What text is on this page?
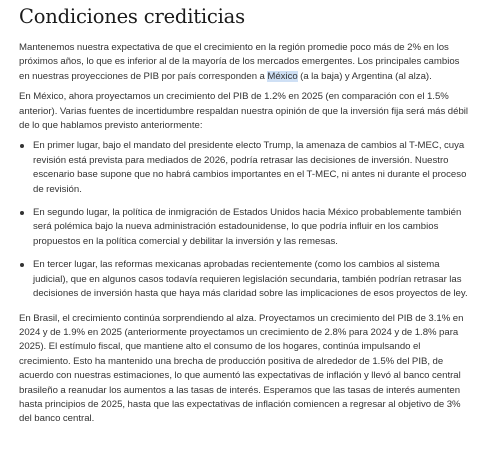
Condiciones crediticias

Mantenemos nuestra expectativa de que el crecimiento en la región promedie poco más de 2% en los próximos años, lo que es inferior al de la mayoría de los mercados emergentes. Los principales cambios en nuestras proyecciones de PIB por país corresponden a México (a la baja) y Argentina (al alza).

En México, ahora proyectamos un crecimiento del PIB de 1.2% en 2025 (en comparación con el 1.5% anterior). Varias fuentes de incertidumbre respaldan nuestra opinión de que la inversión fija será más débil de lo que hablamos previsto anteriormente:

En primer lugar, bajo el mandato del presidente electo Trump, la amenaza de cambios al T-MEC, cuya revisión está prevista para mediados de 2026, podría retrasar las decisiones de inversión. Nuestro escenario base supone que no habrá cambios importantes en el T-MEC, ni antes ni durante el proceso de revisión.
En segundo lugar, la política de inmigración de Estados Unidos hacia México probablemente también será polémica bajo la nueva administración estadounidense, lo que podría influir en los cambios propuestos en la política comercial y debilitar la inversión y las remesas.
En tercer lugar, las reformas mexicanas aprobadas recientemente (como los cambios al sistema judicial), que en algunos casos todavía requieren legislación secundaria, también podrían retrasar las decisiones de inversión hasta que haya más claridad sobre las implicaciones de esos proyectos de ley.

En Brasil, el crecimiento continúa sorprendiendo al alza. Proyectamos un crecimiento del PIB de 3.1% en 2024 y de 1.9% en 2025 (anteriormente proyectamos un crecimiento de 2.8% para 2024 y de 1.8% para 2025). El estímulo fiscal, que mantiene alto el consumo de los hogares, continúa impulsando el crecimiento. Esto ha mantenido una brecha de producción positiva de alrededor de 1.5% del PIB, de acuerdo con nuestras estimaciones, lo que aumentó las expectativas de inflación y llevó al banco central brasileño a reanudar los aumentos a las tasas de interés. Esperamos que las tasas de interés aumenten hasta principios de 2025, hasta que las expectativas de inflación comiencen a regresar al objetivo de 3% del banco central.
